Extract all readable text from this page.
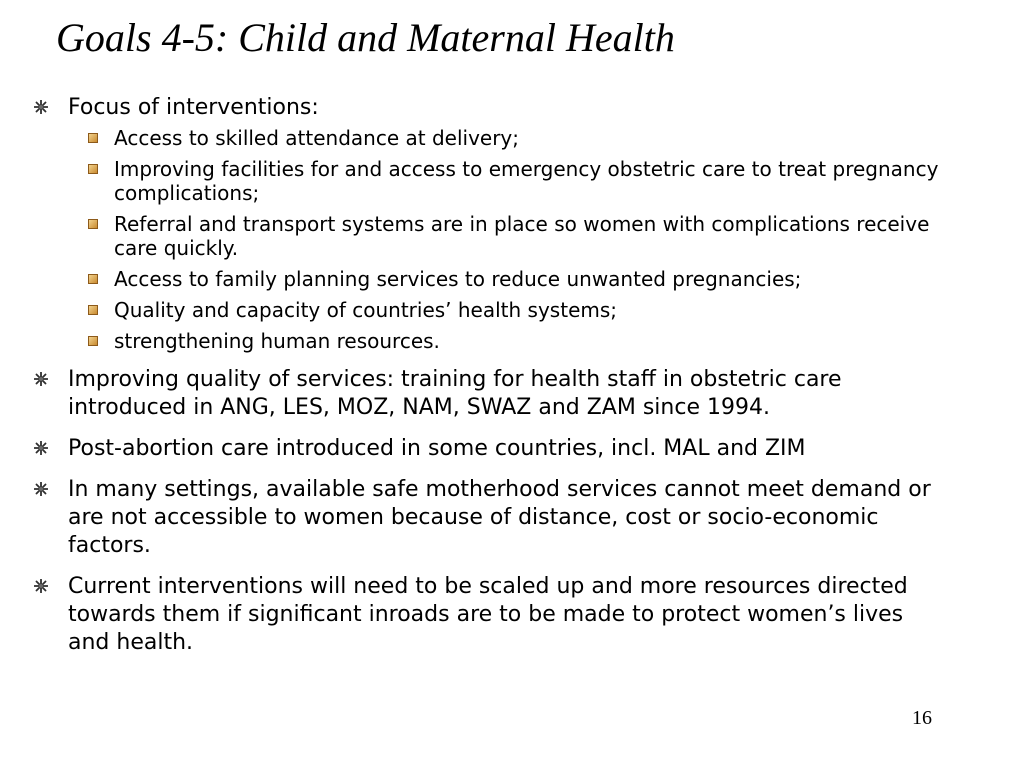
Goals 4-5: Child and Maternal Health
Focus of interventions:
Access to skilled attendance at delivery;
Improving facilities for and access to emergency obstetric care to treat pregnancy complications;
Referral and transport systems are in place so women with complications receive care quickly.
Access to family planning services to reduce unwanted pregnancies;
Quality and capacity of countries’ health systems;
strengthening human resources.
Improving quality of services: training for health staff in obstetric care introduced in ANG, LES, MOZ, NAM, SWAZ and ZAM since 1994.
Post-abortion care introduced in some countries, incl. MAL and ZIM
In many settings, available safe motherhood services cannot meet demand or are not accessible to women because of distance, cost or socio-economic factors.
Current interventions will need to be scaled up and more resources directed towards them if significant inroads are to be made to protect women’s lives and health.
16
